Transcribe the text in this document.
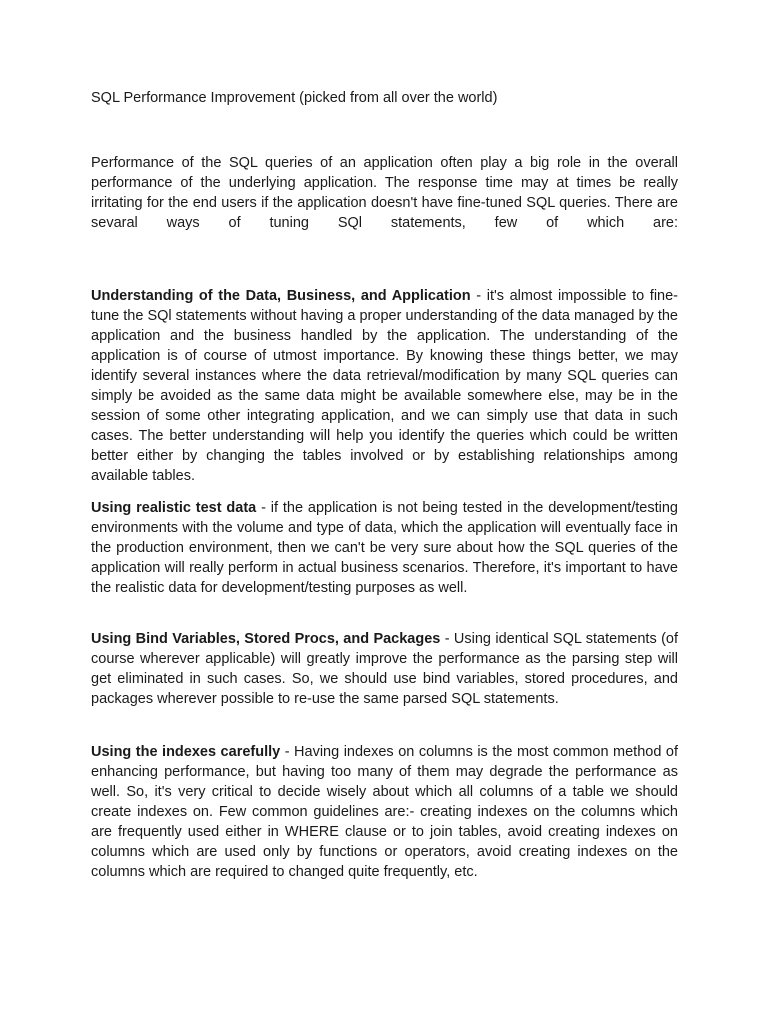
SQL Performance Improvement (picked from all over the world)
Performance of the SQL queries of an application often play a big role in the overall performance of the underlying application. The response time may at times be really irritating for the end users if the application doesn't have fine-tuned SQL queries. There are sevaral ways of tuning SQl statements, few of which are:

Understanding of the Data, Business, and Application - it's almost impossible to fine-tune the SQl statements without having a proper understanding of the data managed by the application and the business handled by the application. The understanding of the application is of course of utmost importance. By knowing these things better, we may identify several instances where the data retrieval/modification by many SQL queries can simply be avoided as the same data might be available somewhere else, may be in the session of some other integrating application, and we can simply use that data in such cases. The better understanding will help you identify the queries which could be written better either by changing the tables involved or by establishing relationships among available tables.

Using realistic test data - if the application is not being tested in the development/testing environments with the volume and type of data, which the application will eventually face in the production environment, then we can't be very sure about how the SQL queries of the application will really perform in actual business scenarios. Therefore, it's important to have the realistic data for development/testing purposes as well.

Using Bind Variables, Stored Procs, and Packages - Using identical SQL statements (of course wherever applicable) will greatly improve the performance as the parsing step will get eliminated in such cases. So, we should use bind variables, stored procedures, and packages wherever possible to re-use the same parsed SQL statements.

Using the indexes carefully - Having indexes on columns is the most common method of enhancing performance, but having too many of them may degrade the performance as well. So, it's very critical to decide wisely about which all columns of a table we should create indexes on. Few common guidelines are:- creating indexes on the columns which are frequently used either in WHERE clause or to join tables, avoid creating indexes on columns which are used only by functions or operators, avoid creating indexes on the columns which are required to changed quite frequently, etc.
